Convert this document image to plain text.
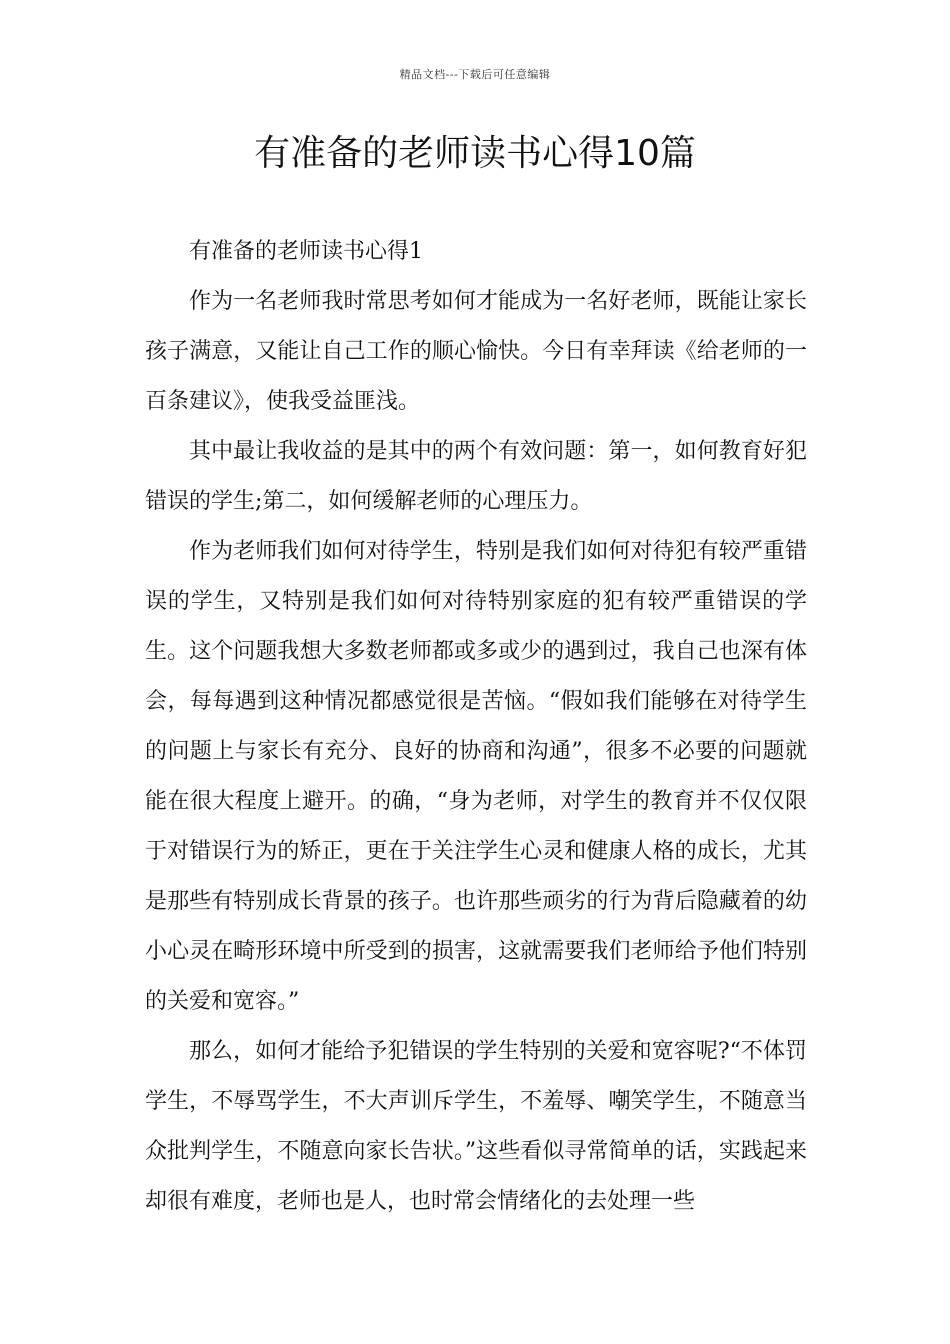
精品文档---下载后可任意编辑
有准备的老师读书心得10篇

有准备的老师读书心得1

作为一名老师我时常思考如何才能成为一名好老师，既能让家长孩子满意，又能让自己工作的顺心愉快。今日有幸拜读《给老师的一百条建议》，使我受益匪浅。

其中最让我收益的是其中的两个有效问题：第一，如何教育好犯错误的学生;第二，如何缓解老师的心理压力。

作为老师我们如何对待学生，特别是我们如何对待犯有较严重错误的学生，又特别是我们如何对待特别家庭的犯有较严重错误的学生。这个问题我想大多数老师都或多或少的遇到过，我自己也深有体会，每每遇到这种情况都感觉很是苦恼。“假如我们能够在对待学生的问题上与家长有充分、良好的协商和沟通”，很多不必要的问题就能在很大程度上避开。的确，“身为老师，对学生的教育并不仅仅限于对错误行为的矫正，更在于关注学生心灵和健康人格的成长，尤其是那些有特别成长背景的孩子。也许那些顽劣的行为背后隐藏着的幼小心灵在畸形环境中所受到的损害，这就需要我们老师给予他们特别的关爱和宽容。”

那么，如何才能给予犯错误的学生特别的关爱和宽容呢?“不体罚学生，不辱骂学生，不大声训斥学生，不羞辱、嘲笑学生，不随意当众批判学生，不随意向家长告状。”这些看似寻常简单的话，实践起来却很有难度，老师也是人，也时常会情绪化的去处理一些
